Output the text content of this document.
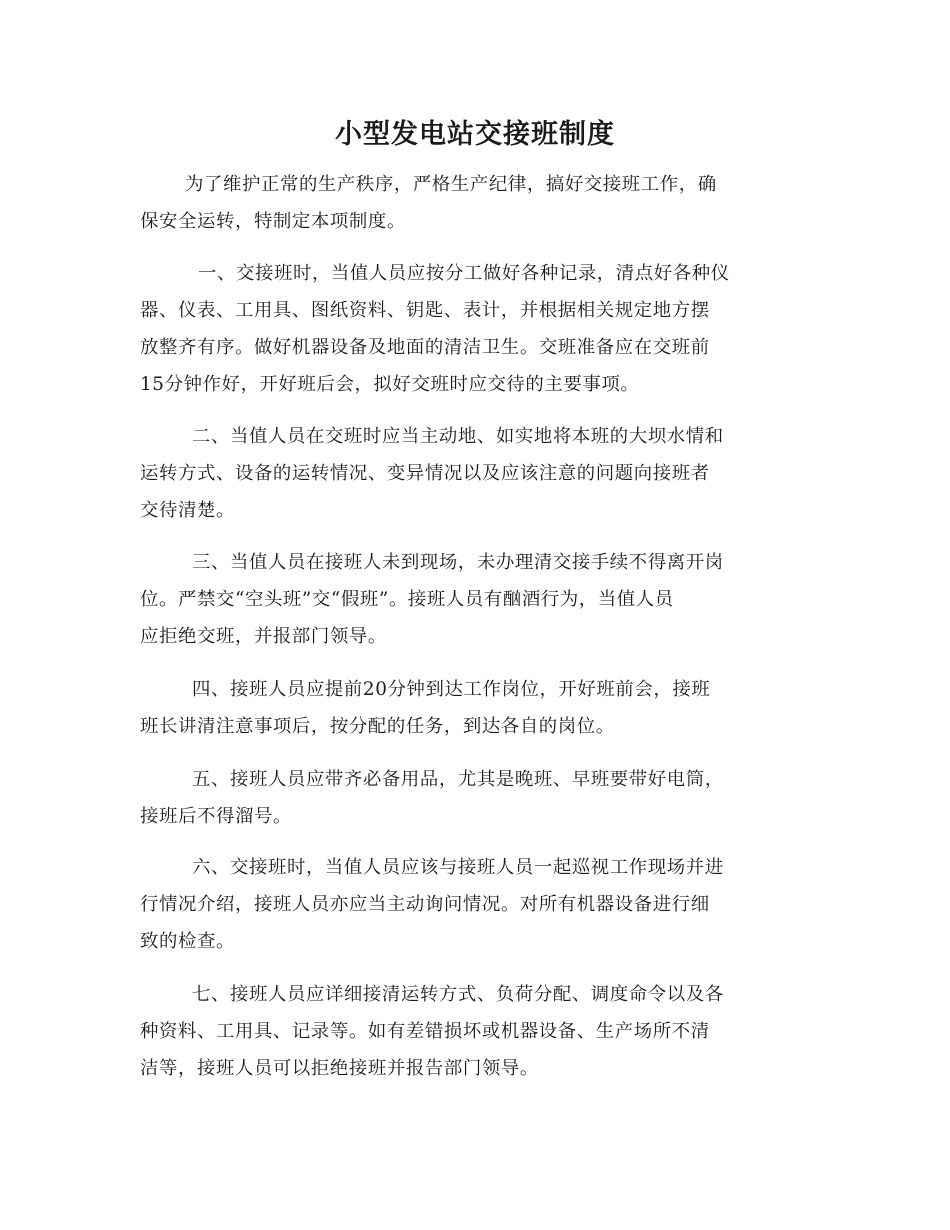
小型发电站交接班制度
为了维护正常的生产秩序，严格生产纪律，搞好交接班工作，确
保安全运转，特制定本项制度。
一、交接班时，当值人员应按分工做好各种记录，清点好各种仪
器、仪表、工用具、图纸资料、钥匙、表计，并根据相关规定地方摆
放整齐有序。做好机器设备及地面的清洁卫生。交班准备应在交班前
15分钟作好，开好班后会，拟好交班时应交待的主要事项。
二、当值人员在交班时应当主动地、如实地将本班的大坝水情和
运转方式、设备的运转情况、变异情况以及应该注意的问题向接班者
交待清楚。
三、当值人员在接班人未到现场，未办理清交接手续不得离开岗
位。严禁交“空头班”交“假班”。接班人员有酗酒行为，当值人员
应拒绝交班，并报部门领导。
四、接班人员应提前20分钟到达工作岗位，开好班前会，接班
班长讲清注意事项后，按分配的任务，到达各自的岗位。
五、接班人员应带齐必备用品，尤其是晚班、早班要带好电筒，
接班后不得溜号。
六、交接班时，当值人员应该与接班人员一起巡视工作现场并进
行情况介绍，接班人员亦应当主动询问情况。对所有机器设备进行细
致的检查。
七、接班人员应详细接清运转方式、负荷分配、调度命令以及各
种资料、工用具、记录等。如有差错损坏或机器设备、生产场所不清
洁等，接班人员可以拒绝接班并报告部门领导。
